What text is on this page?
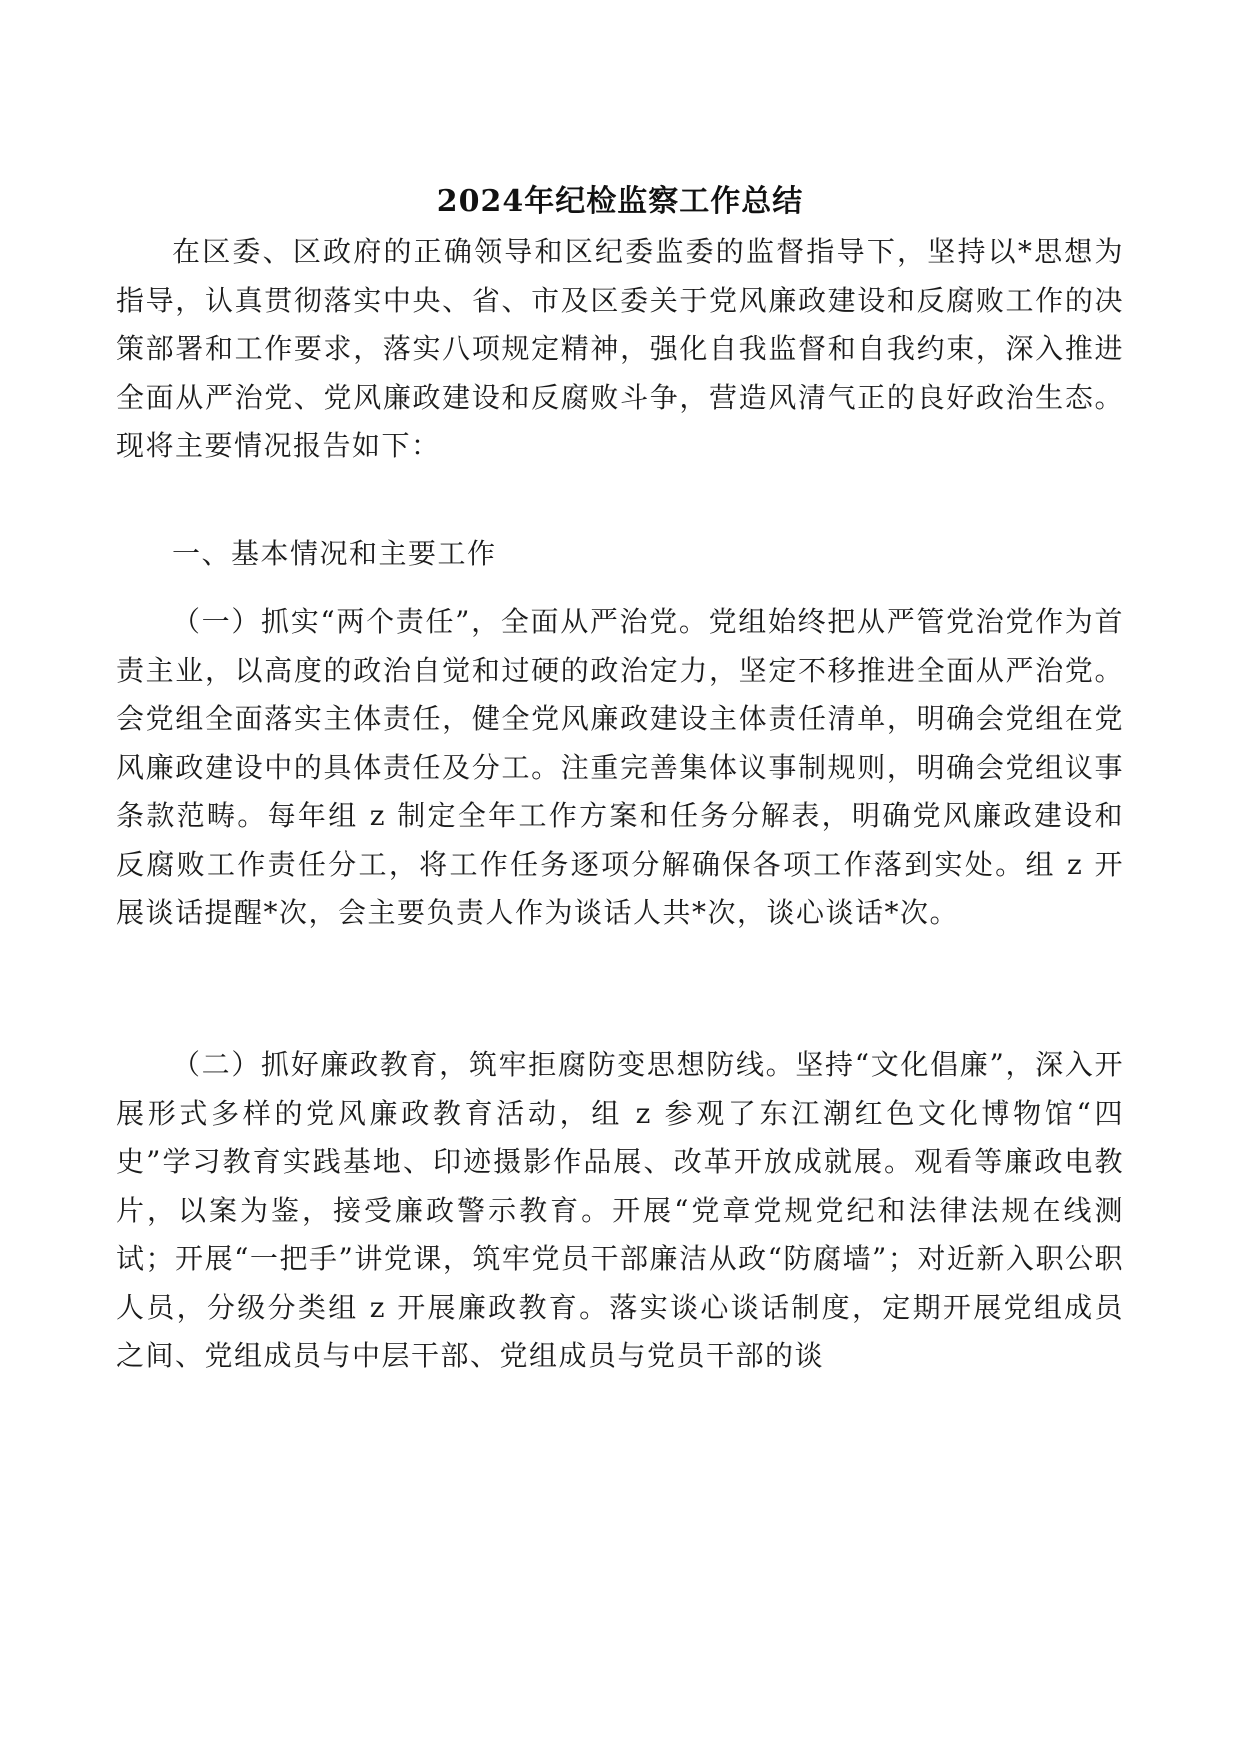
2024年纪检监察工作总结
在区委、区政府的正确领导和区纪委监委的监督指导下，坚持以*思想为指导，认真贯彻落实中央、省、市及区委关于党风廉政建设和反腐败工作的决策部署和工作要求，落实八项规定精神，强化自我监督和自我约束，深入推进全面从严治党、党风廉政建设和反腐败斗争，营造风清气正的良好政治生态。现将主要情况报告如下：
一、基本情况和主要工作
（一）抓实“两个责任”，全面从严治党。党组始终把从严管党治党作为首责主业，以高度的政治自觉和过硬的政治定力，坚定不移推进全面从严治党。会党组全面落实主体责任，健全党风廉政建设主体责任清单，明确会党组在党风廉政建设中的具体责任及分工。注重完善集体议事制规则，明确会党组议事条款范畴。每年组 z 制定全年工作方案和任务分解表，明确党风廉政建设和反腐败工作责任分工，将工作任务逐项分解确保各项工作落到实处。组 z 开展谈话提醒*次，会主要负责人作为谈话人共*次，谈心谈话*次。
（二）抓好廉政教育，筑牢拒腐防变思想防线。坚持“文化倡廉”，深入开展形式多样的党风廉政教育活动，组 z 参观了东江潮红色文化博物馆“四史”学习教育实践基地、印迹摄影作品展、改革开放成就展。观看等廉政电教片，以案为鉴，接受廉政警示教育。开展“党章党规党纪和法律法规在线测试；开展“一把手”讲党课，筑牢党员干部廉洁从政“防腐墙”；对近新入职公职人员，分级分类组 z 开展廉政教育。落实谈心谈话制度，定期开展党组成员之间、党组成员与中层干部、党组成员与党员干部的谈
